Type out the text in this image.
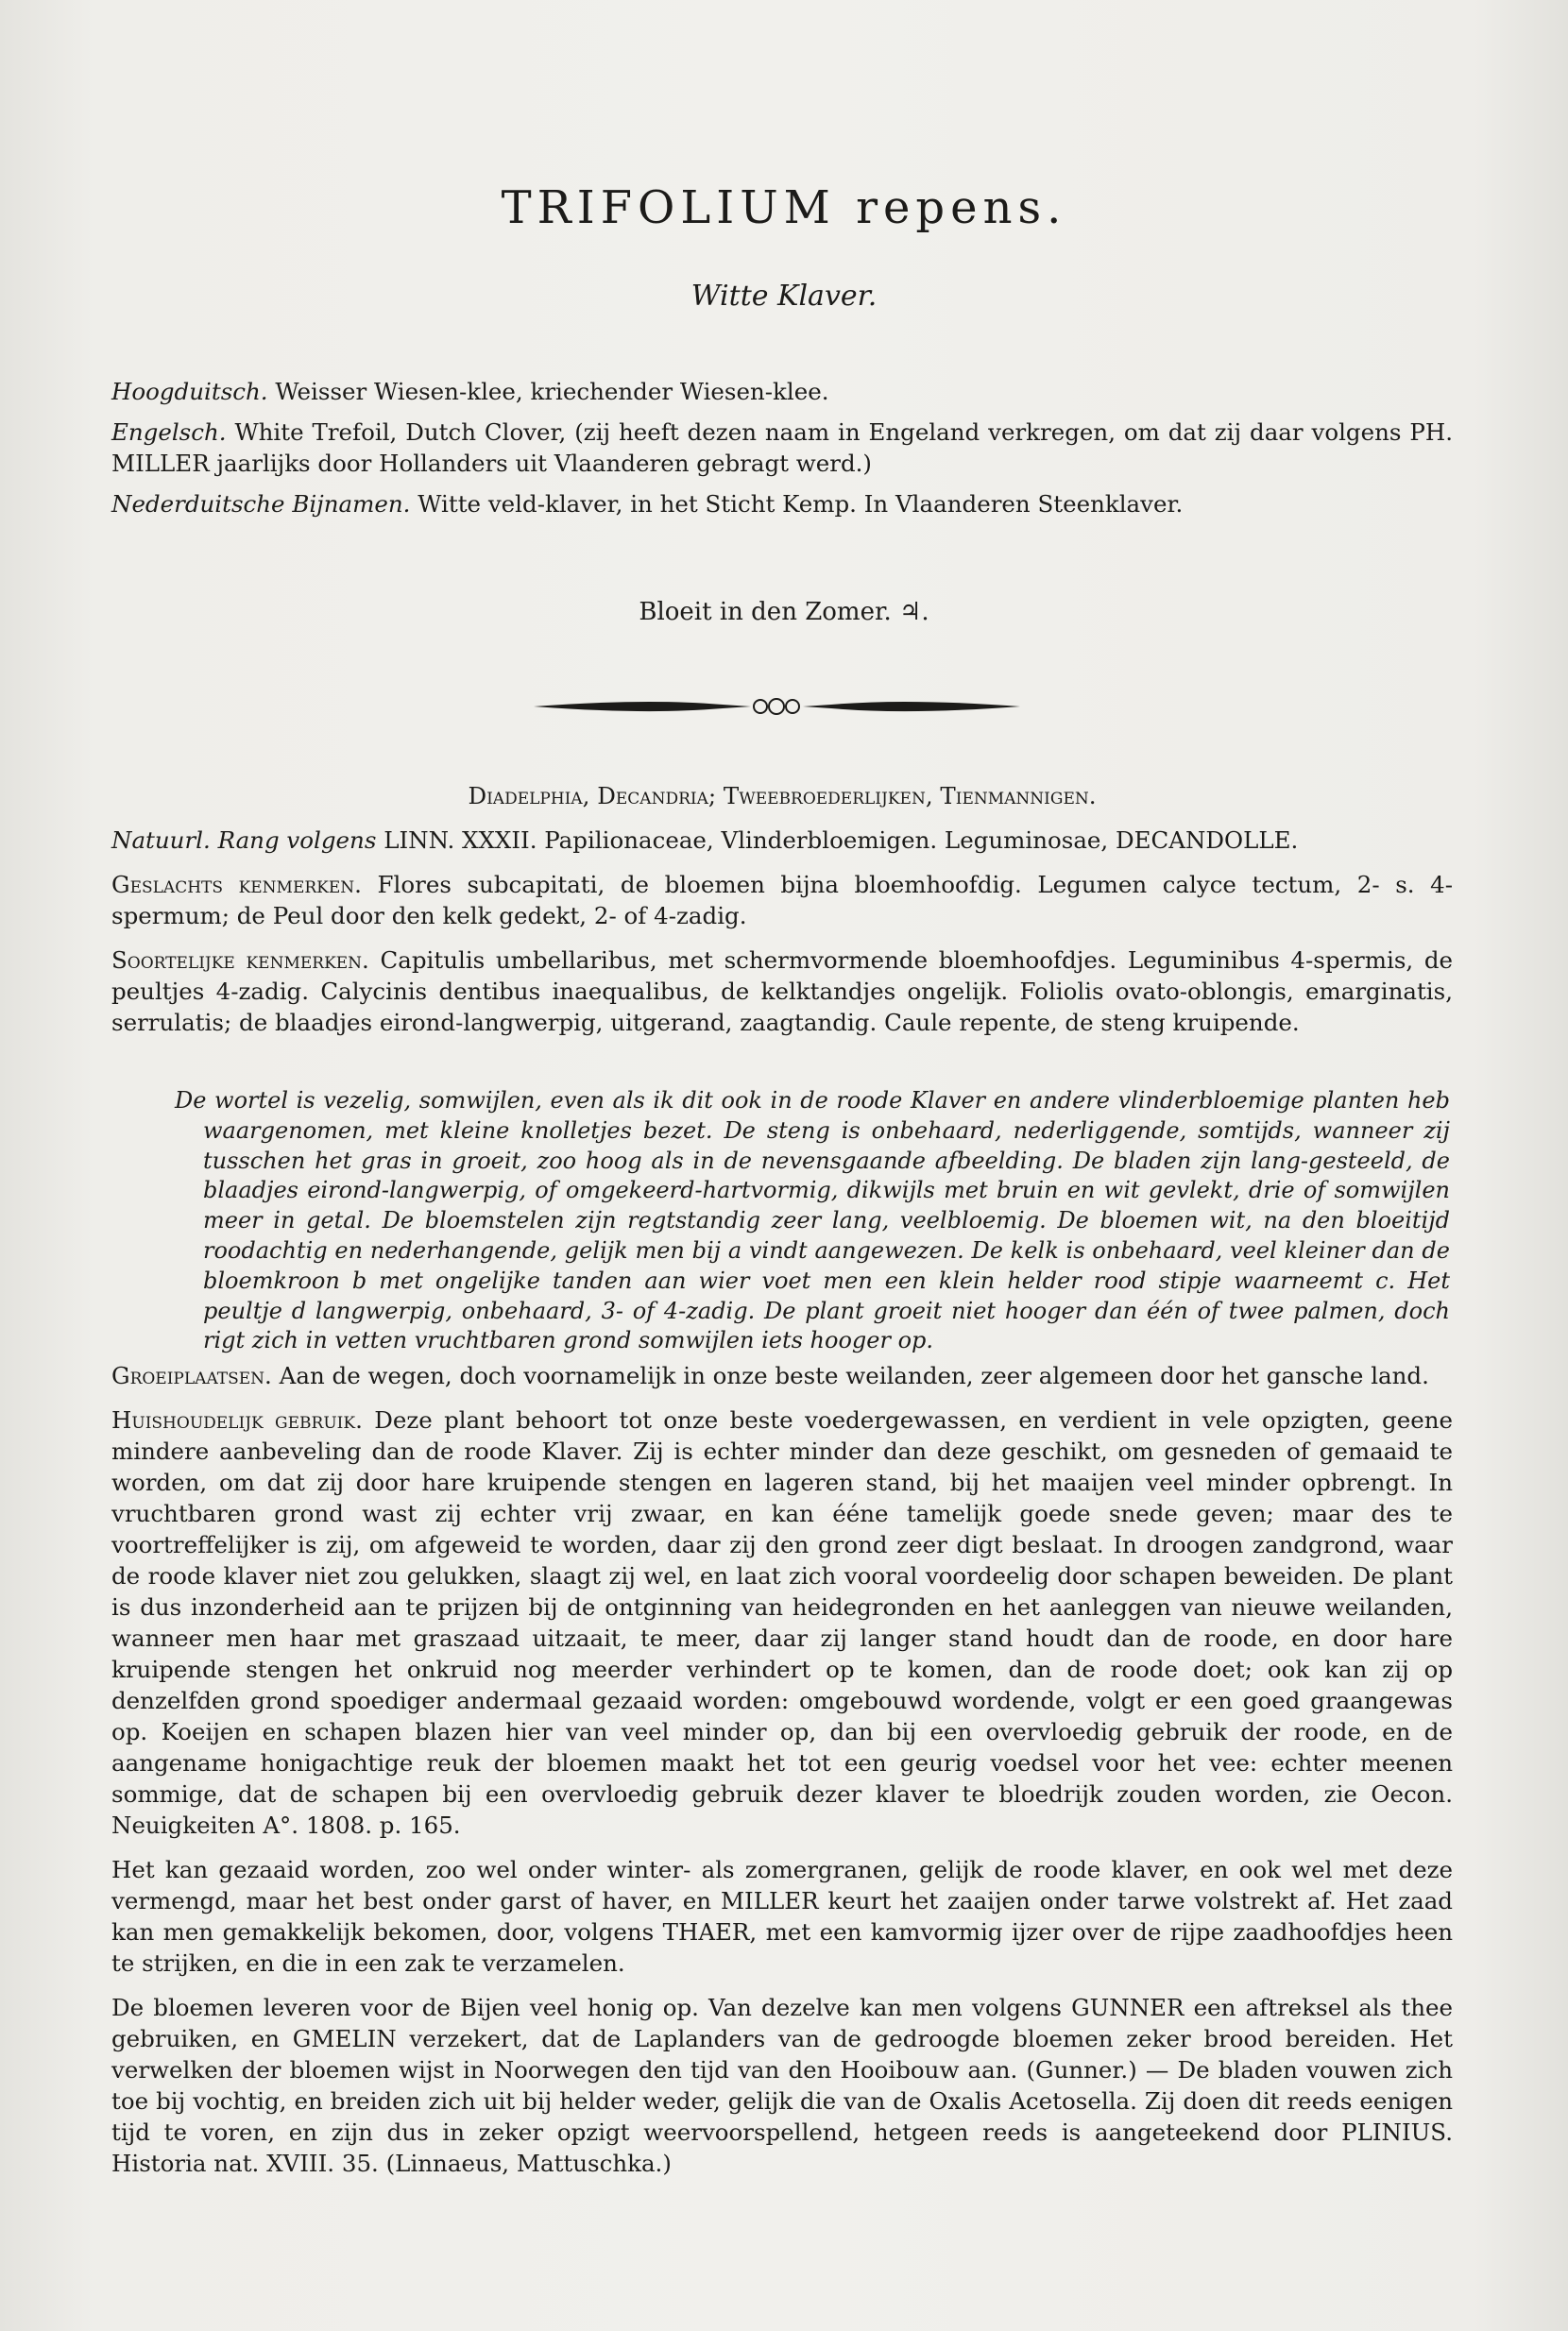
TRIFOLIUM repens.
Witte Klaver.

Hoogduitsch. Weisser Wiesen-klee, kriechender Wiesen-klee.

Engelsch. White Trefoil, Dutch Clover, (zij heeft dezen naam in Engeland verkregen, om dat zij daar volgens PH. MILLER jaarlijks door Hollanders uit Vlaanderen gebragt werd.)

Nederduitsche Bijnamen. Witte veld-klaver, in het Sticht Kemp. In Vlaanderen Steenklaver.

Bloeit in den Zomer. ♃.

Diadelphia, Decandria; Tweebroederlijken, Tienmannigen.

Natuurl. Rang volgens LINN. XXXII. Papilionaceae, Vlinderbloemigen. Leguminosae, DECANDOLLE.

Geslachts kenmerken. Flores subcapitati, de bloemen bijna bloemhoofdig. Legumen calyce tectum, 2- s. 4-spermum; de Peul door den kelk gedekt, 2- of 4-zadig.

Soortelijke kenmerken. Capitulis umbellaribus, met schermvormende bloemhoofdjes. Leguminibus 4-spermis, de peultjes 4-zadig. Calycinis dentibus inaequalibus, de kelktandjes ongelijk. Foliolis ovato-oblongis, emarginatis, serrulatis; de blaadjes eirond-langwerpig, uitgerand, zaagtandig. Caule repente, de steng kruipende.

De wortel is vezelig, somwijlen, even als ik dit ook in de roode Klaver en andere vlinderbloemige planten heb waargenomen, met kleine knolletjes bezet. De steng is onbehaard, nederliggende, somtijds, wanneer zij tusschen het gras in groeit, zoo hoog als in de nevensgaande afbeelding. De bladen zijn lang-gesteeld, de blaadjes eirond-langwerpig, of omgekeerd-hartvormig, dikwijls met bruin en wit gevlekt, drie of somwijlen meer in getal. De bloemstelen zijn regtstandig zeer lang, veelbloemig. De bloemen wit, na den bloeitijd roodachtig en nederhangende, gelijk men bij a vindt aangewezen. De kelk is onbehaard, veel kleiner dan de bloemkroon b met ongelijke tanden aan wier voet men een klein helder rood stipje waarneemt c. Het peultje d langwerpig, onbehaard, 3- of 4-zadig. De plant groeit niet hooger dan één of twee palmen, doch rigt zich in vetten vruchtbaren grond somwijlen iets hooger op.

Groeiplaatsen. Aan de wegen, doch voornamelijk in onze beste weilanden, zeer algemeen door het gansche land.

Huishoudelijk gebruik. Deze plant behoort tot onze beste voedergewassen, en verdient in vele opzigten, geene mindere aanbeveling dan de roode Klaver. Zij is echter minder dan deze geschikt, om gesneden of gemaaid te worden, om dat zij door hare kruipende stengen en lageren stand, bij het maaijen veel minder opbrengt. In vruchtbaren grond wast zij echter vrij zwaar, en kan éénе tamelijk goede snede geven; maar des te voortreffelijker is zij, om afgeweid te worden, daar zij den grond zeer digt beslaat. In droogen zandgrond, waar de roode klaver niet zou gelukken, slaagt zij wel, en laat zich vooral voordeelig door schapen beweiden. De plant is dus inzonderheid aan te prijzen bij de ontginning van heidegronden en het aanleggen van nieuwe weilanden, wanneer men haar met graszaad uitzaait, te meer, daar zij langer stand houdt dan de roode, en door hare kruipende stengen het onkruid nog meerder verhindert op te komen, dan de roode doet; ook kan zij op denzelfden grond spoediger andermaal gezaaid worden: omgebouwd wordende, volgt er een goed graangewas op. Koeijen en schapen blazen hier van veel minder op, dan bij een overvloedig gebruik der roode, en de aangename honigachtige reuk der bloemen maakt het tot een geurig voedsel voor het vee: echter meenen sommige, dat de schapen bij een overvloedig gebruik dezer klaver te bloedrijk zouden worden, zie Oecon. Neuigkeiten A°. 1808. p. 165.

Het kan gezaaid worden, zoo wel onder winter- als zomergranen, gelijk de roode klaver, en ook wel met deze vermengd, maar het best onder garst of haver, en MILLER keurt het zaaijen onder tarwe volstrekt af. Het zaad kan men gemakkelijk bekomen, door, volgens THAER, met een kamvormig ijzer over de rijpe zaadhoofdjes heen te strijken, en die in een zak te verzamelen.

De bloemen leveren voor de Bijen veel honig op. Van dezelve kan men volgens GUNNER een aftreksel als thee gebruiken, en GMELIN verzekert, dat de Laplanders van de gedroogde bloemen zeker brood bereiden. Het verwelken der bloemen wijst in Noorwegen den tijd van den Hooibouw aan. (Gunner.) — De bladen vouwen zich toe bij vochtig, en breiden zich uit bij helder weder, gelijk die van de Oxalis Acetosella. Zij doen dit reeds eenigen tijd te voren, en zijn dus in zeker opzigt weervoorspellend, hetgeen reeds is aangeteekend door PLINIUS. Historia nat. XVIII. 35. (Linnaeus, Mattuschka.)
